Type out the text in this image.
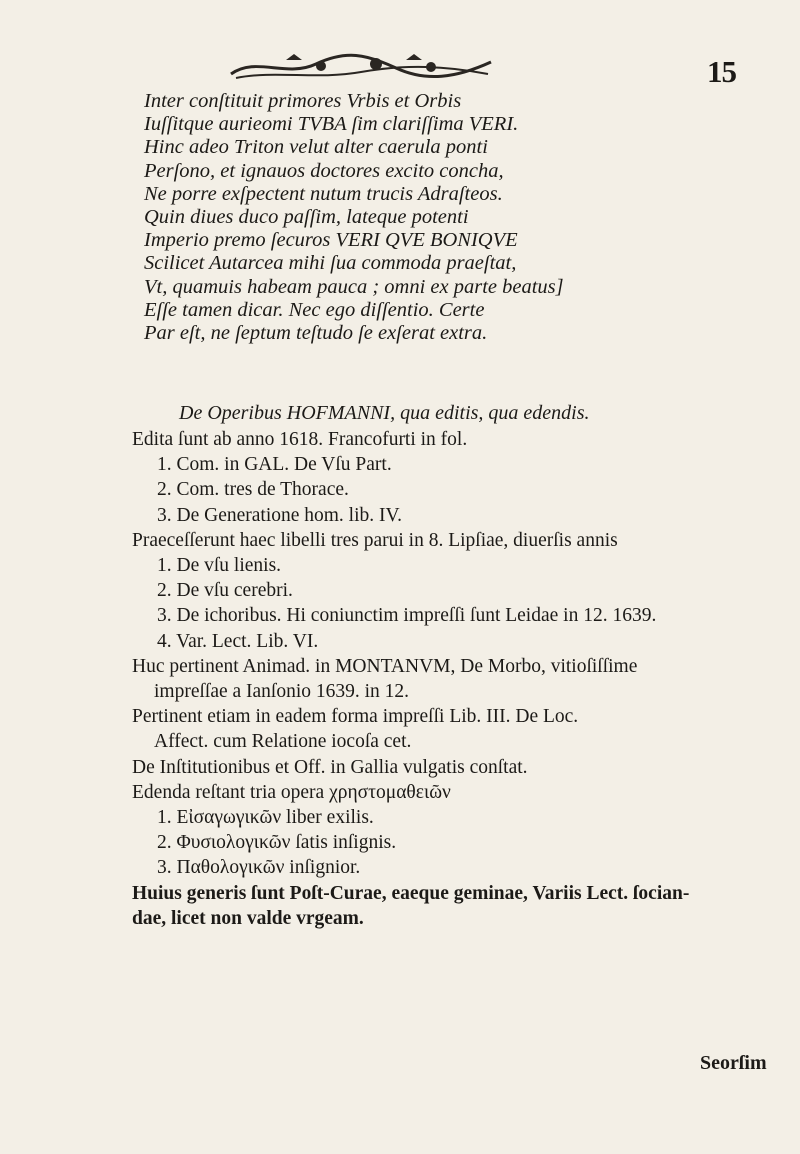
15
Inter conſtituit primores Vrbis et Orbis
Iuſſitque aurieomi TVBA ſim clariſſima VERI.
Hinc adeo Triton velut alter caerula ponti
Perſono, et ignauos doctores excito concha,
Ne porre exſpectent nutum trucis Adraſteos.
Quin diues duco paſſim, lateque potenti
Imperio premo ſecuros VERI QVE BONIQVE
Scilicet Autarcea mihi ſua commoda praeſtat,
Vt, quamuis habeam pauca ; omni ex parte beatus]
Eſſe tamen dicar. Nec ego diſſentio. Certe
Par eſt, ne ſeptum teſtudo ſe exſerat extra.
De Operibus HOFMANNI, qua editis, qua edendis.
Edita ſunt ab anno 1618. Francofurti in fol.
1. Com. in GAL. De Vſu Part.
2. Com. tres de Thorace.
3. De Generatione hom. lib. IV.
Praeceſſerunt haec libelli tres parui in 8. Lipſiae, diuerſis annis
1. De vſu lienis.
2. De vſu cerebri.
3. De ichoribus. Hi coniunctim impreſſi ſunt Leidae in 12. 1639.
4. Var. Lect. Lib. VI.
Huc pertinent Animad. in MONTANVM, De Morbo, vitioſiſſime
impreſſae a Ianſonio 1639. in 12.
Pertinent etiam in eadem forma impreſſi Lib. III. De Loc.
Affect. cum Relatione iocoſa cet.
De Inſtitutionibus et Off. in Gallia vulgatis conſtat.
Edenda reſtant tria opera χρηστομαθειῶν
1. Εἰσαγωγικῶν liber exilis.
2. Φυσιολογικῶν ſatis inſignis.
3. Παθολογικῶν inſignior.
Huius generis ſunt Poſt-Curae, eaeque geminae, Variis Lect. ſocian-
dae, licet non valde vrgeam.
Seorſim
